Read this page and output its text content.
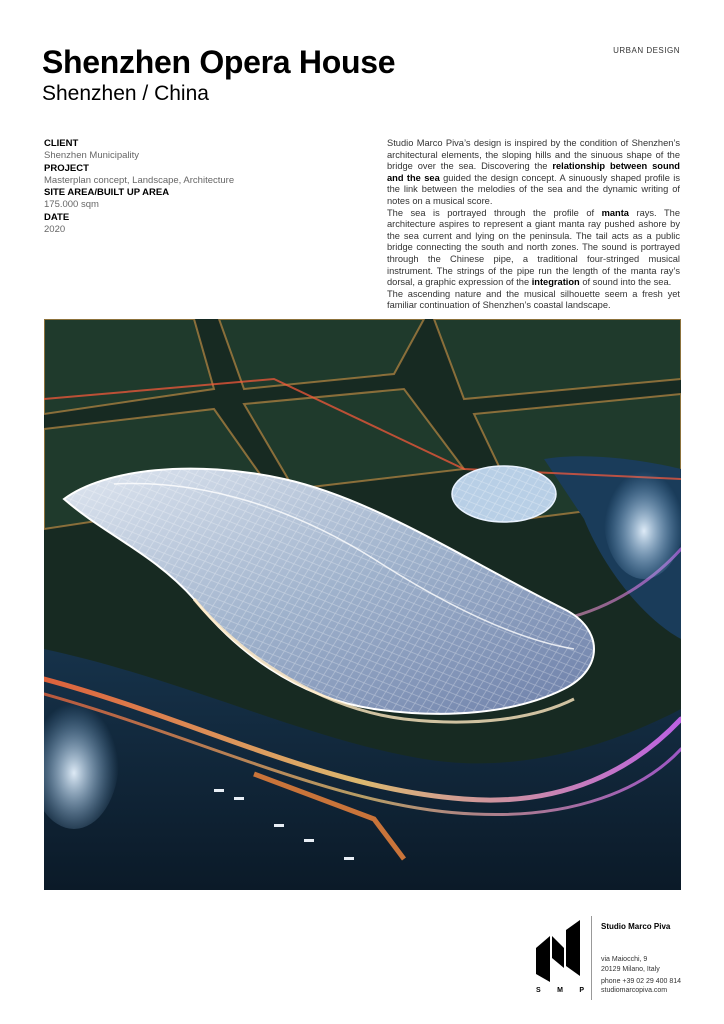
URBAN DESIGN
Shenzhen Opera House
Shenzhen / China
CLIENT
Shenzhen Municipality
PROJECT
Masterplan concept, Landscape, Architecture
SITE AREA/BUILT UP AREA
175.000 sqm
DATE
2020

Studio Marco Piva’s design is inspired by the condition of Shenzhen’s architectural elements, the sloping hills and the sinuous shape of the bridge over the sea. Discovering the relationship between sound and the sea guided the design concept. A sinuously shaped profile is the link between the melodies of the sea and the dynamic writing of notes on a musical score.

The sea is portrayed through the profile of manta rays. The architecture aspires to represent a giant manta ray pushed ashore by the sea current and lying on the peninsula. The tail acts as a public bridge connecting the south and north zones. The sound is portrayed through the Chinese pipe, a traditional four-stringed musical instrument. The strings of the pipe run the length of the manta ray’s dorsal, a graphic expression of the integration of sound into the sea.

The ascending nature and the musical silhouette seem a fresh yet familiar continuation of Shenzhen’s coastal landscape.

S M P
Studio Marco Piva
via Maiocchi, 9
20129 Milano, Italy
phone +39 02 29 400 814
studiomarcopiva.com
